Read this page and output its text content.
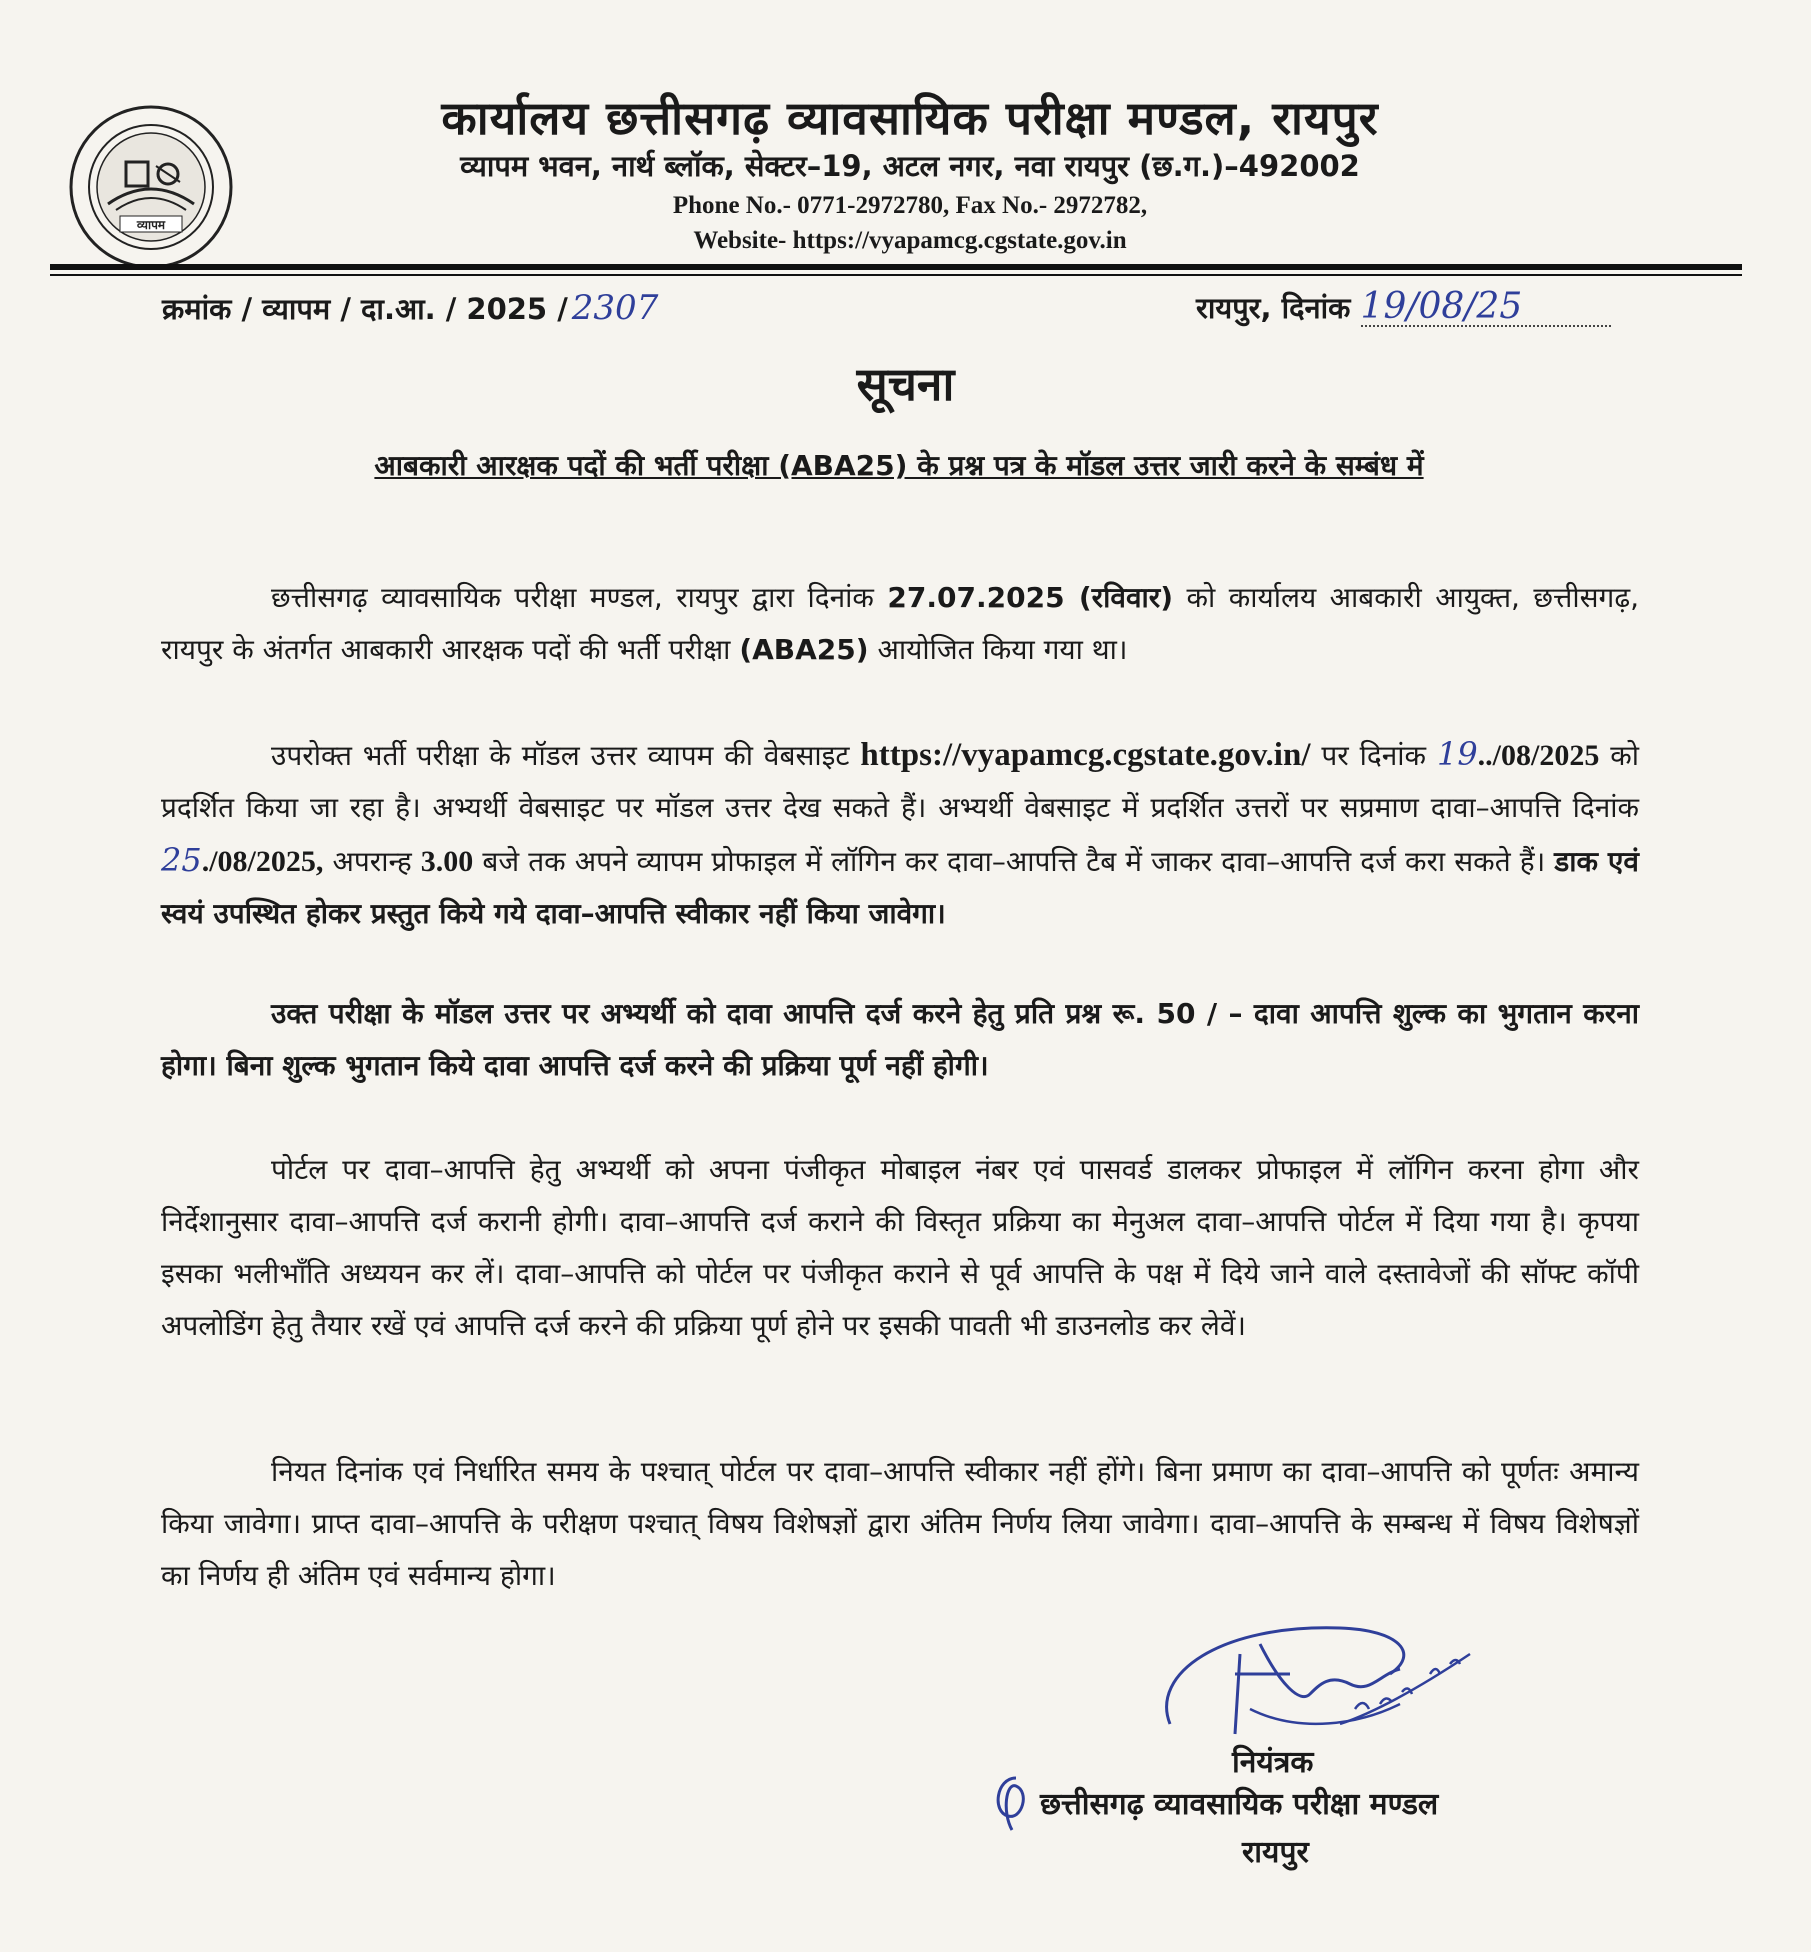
व्यापम
कार्यालय छत्तीसगढ़ व्यावसायिक परीक्षा मण्डल, रायपुर
व्यापम भवन, नार्थ ब्लॉक, सेक्टर–19, अटल नगर, नवा रायपुर (छ.ग.)–492002
Phone No.- 0771-2972780, Fax No.- 2972782,
Website- https://vyapamcg.cgstate.gov.in
क्रमांक / व्यापम / दा.आ. / 2025 / 2307	रायपुर, दिनांक 19/08/25
सूचना
आबकारी आरक्षक पदों की भर्ती परीक्षा (ABA25) के प्रश्न पत्र के मॉडल उत्तर जारी करने के सम्बंध में
छत्तीसगढ़ व्यावसायिक परीक्षा मण्डल, रायपुर द्वारा दिनांक 27.07.2025 (रविवार) को कार्यालय आबकारी आयुक्त, छत्तीसगढ़, रायपुर के अंतर्गत आबकारी आरक्षक पदों की भर्ती परीक्षा (ABA25) आयोजित किया गया था।
उपरोक्त भर्ती परीक्षा के मॉडल उत्तर व्यापम की वेबसाइट https://vyapamcg.cgstate.gov.in/ पर दिनांक 19../08/2025 को प्रदर्शित किया जा रहा है। अभ्यर्थी वेबसाइट पर मॉडल उत्तर देख सकते हैं। अभ्यर्थी वेबसाइट में प्रदर्शित उत्तरों पर सप्रमाण दावा–आपत्ति दिनांक 25./08/2025, अपरान्ह 3.00 बजे तक अपने व्यापम प्रोफाइल में लॉगिन कर दावा–आपत्ति टैब में जाकर दावा–आपत्ति दर्ज करा सकते हैं। डाक एवं स्वयं उपस्थित होकर प्रस्तुत किये गये दावा–आपत्ति स्वीकार नहीं किया जावेगा।
उक्त परीक्षा के मॉडल उत्तर पर अभ्यर्थी को दावा आपत्ति दर्ज करने हेतु प्रति प्रश्न रू. 50 / – दावा आपत्ति शुल्क का भुगतान करना होगा। बिना शुल्क भुगतान किये दावा आपत्ति दर्ज करने की प्रक्रिया पूर्ण नहीं होगी।
पोर्टल पर दावा–आपत्ति हेतु अभ्यर्थी को अपना पंजीकृत मोबाइल नंबर एवं पासवर्ड डालकर प्रोफाइल में लॉगिन करना होगा और निर्देशानुसार दावा–आपत्ति दर्ज करानी होगी। दावा–आपत्ति दर्ज कराने की विस्तृत प्रक्रिया का मेनुअल दावा–आपत्ति पोर्टल में दिया गया है। कृपया इसका भलीभाँति अध्ययन कर लें। दावा–आपत्ति को पोर्टल पर पंजीकृत कराने से पूर्व आपत्ति के पक्ष में दिये जाने वाले दस्तावेजों की सॉफ्ट कॉपी अपलोडिंग हेतु तैयार रखें एवं आपत्ति दर्ज करने की प्रक्रिया पूर्ण होने पर इसकी पावती भी डाउनलोड कर लेवें।
नियत दिनांक एवं निर्धारित समय के पश्चात् पोर्टल पर दावा–आपत्ति स्वीकार नहीं होंगे। बिना प्रमाण का दावा–आपत्ति को पूर्णतः अमान्य किया जावेगा। प्राप्त दावा–आपत्ति के परीक्षण पश्चात् विषय विशेषज्ञों द्वारा अंतिम निर्णय लिया जावेगा। दावा–आपत्ति के सम्बन्ध में विषय विशेषज्ञों का निर्णय ही अंतिम एवं सर्वमान्य होगा।
नियंत्रक
छत्तीसगढ़ व्यावसायिक परीक्षा मण्डल
रायपुर
